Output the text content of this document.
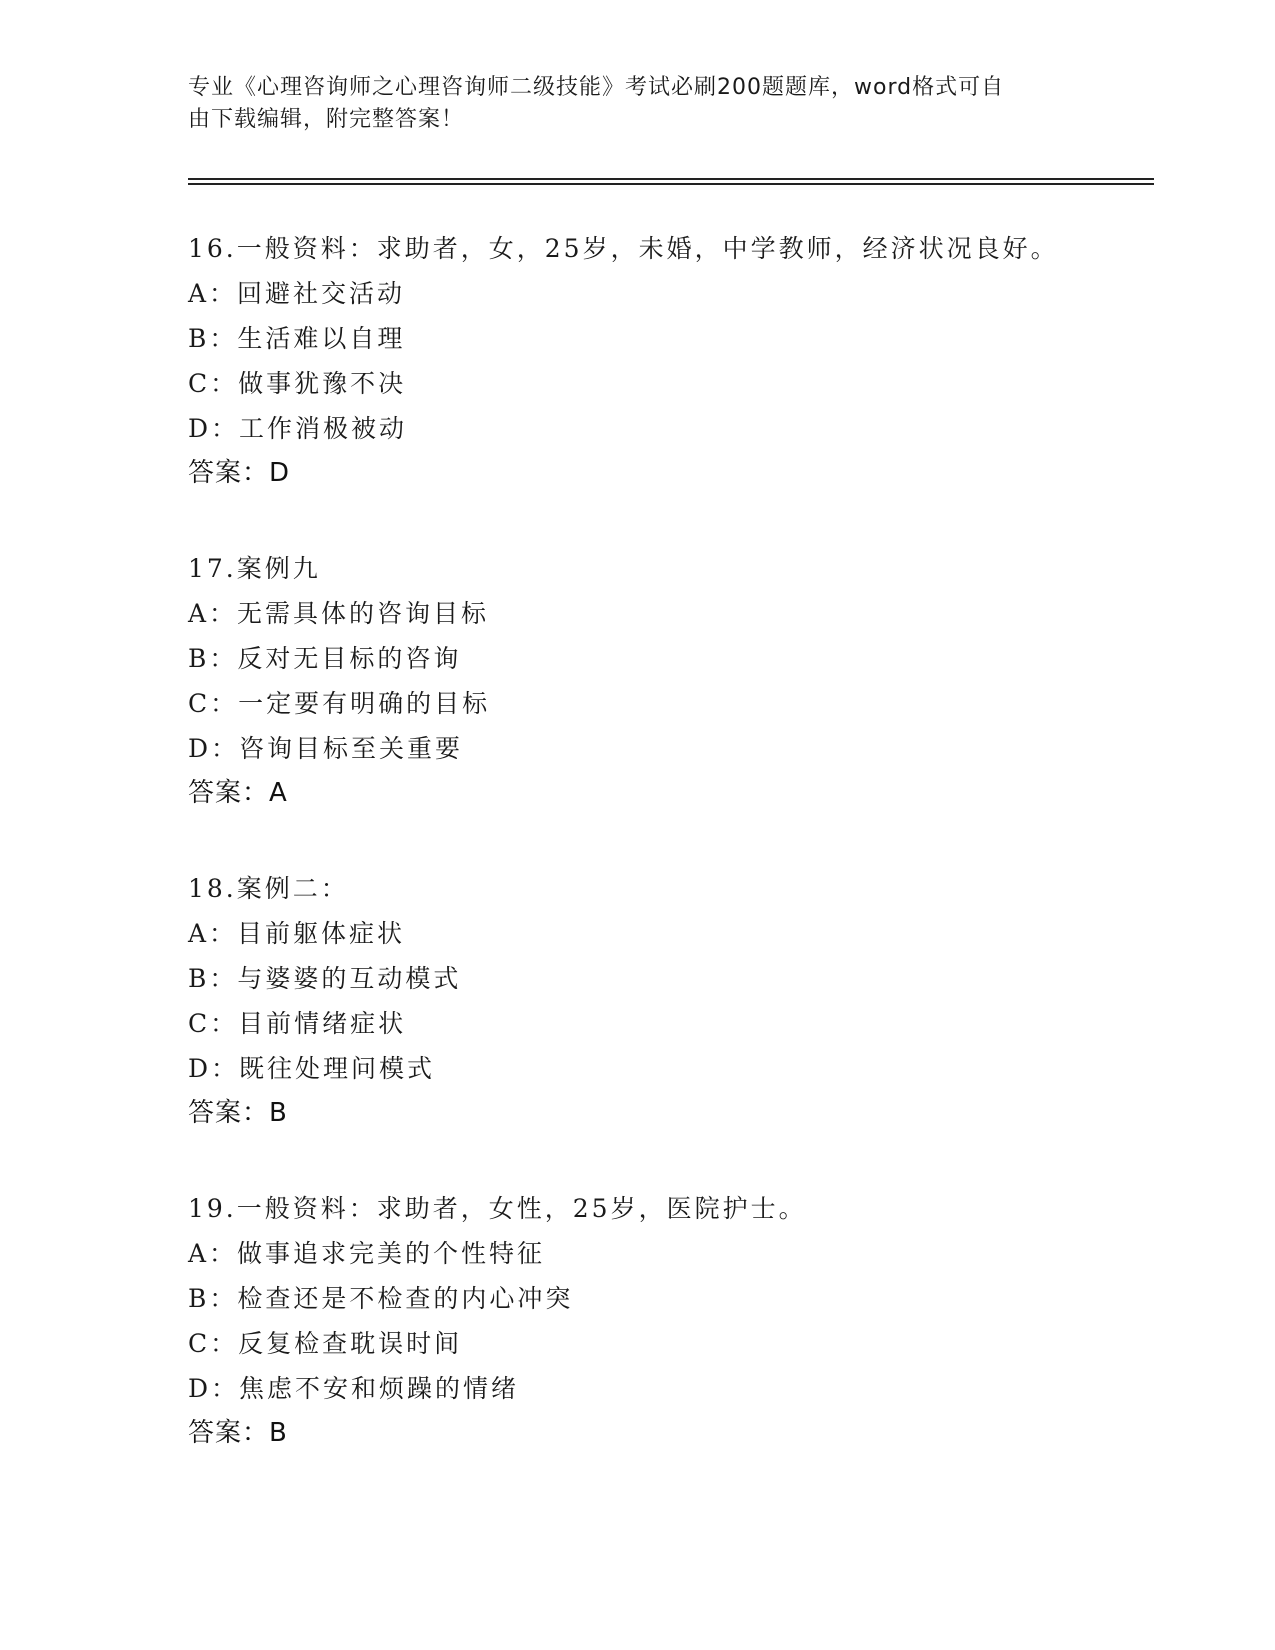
专业《心理咨询师之心理咨询师二级技能》考试必刷200题题库，word格式可自
由下载编辑，附完整答案！
16.一般资料：求助者，女，25岁，未婚，中学教师，经济状况良好。
A：回避社交活动
B：生活难以自理
C：做事犹豫不决
D：工作消极被动
答案：D
17.案例九
A：无需具体的咨询目标
B：反对无目标的咨询
C：一定要有明确的目标
D：咨询目标至关重要
答案：A
18.案例二：
A：目前躯体症状
B：与婆婆的互动模式
C：目前情绪症状
D：既往处理问模式
答案：B
19.一般资料：求助者，女性，25岁，医院护士。
A：做事追求完美的个性特征
B：检查还是不检查的内心冲突
C：反复检查耽误时间
D：焦虑不安和烦躁的情绪
答案：B
